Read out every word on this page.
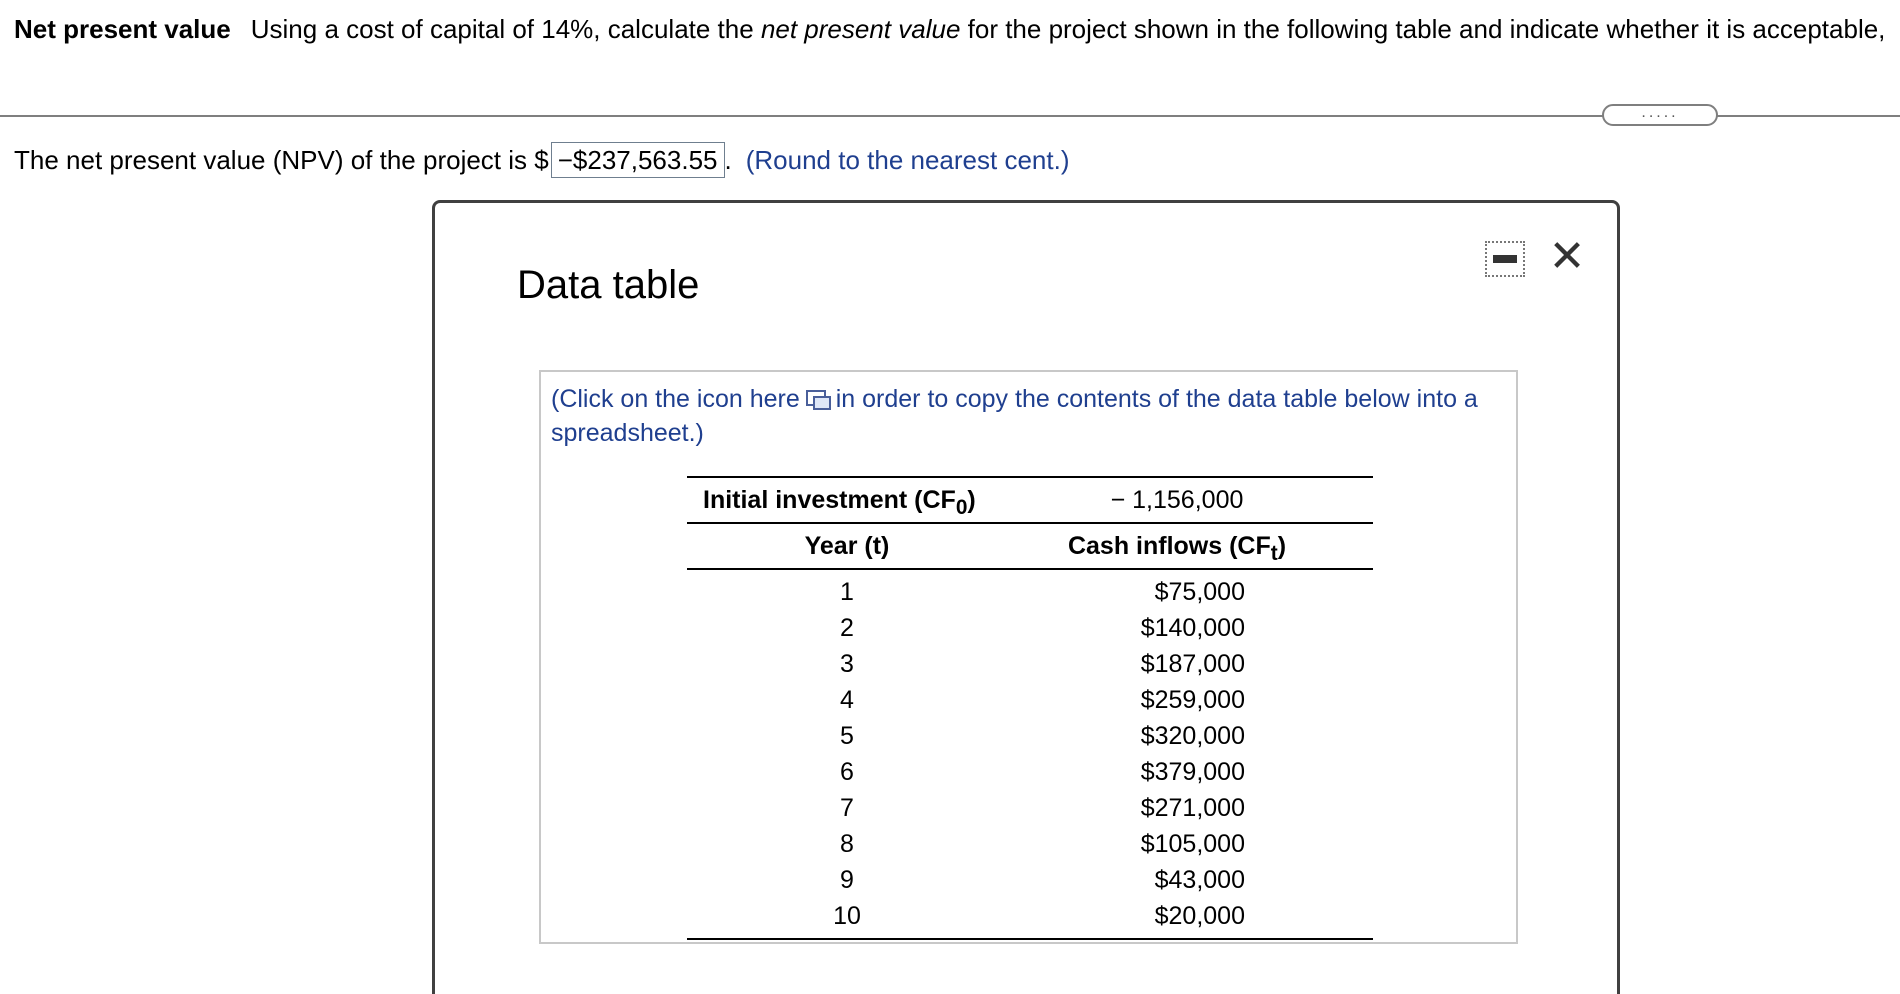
Net present value Using a cost of capital of 14%, calculate the net present value for the project shown in the following table and indicate whether it is acceptable,
.....
The net present value (NPV) of the project is $ −$237,563.55 . (Round to the nearest cent.)
Data table
✕
(Click on the icon here in order to copy the contents of the data table below into a spreadsheet.)
Initial investment $(CF_0)$	− 1,156,000
Year (t)	Cash inflows $(CF_t)$
1	$75,000
2	$140,000
3	$187,000
4	$259,000
5	$320,000
6	$379,000
7	$271,000
8	$105,000
9	$43,000
10	$20,000
